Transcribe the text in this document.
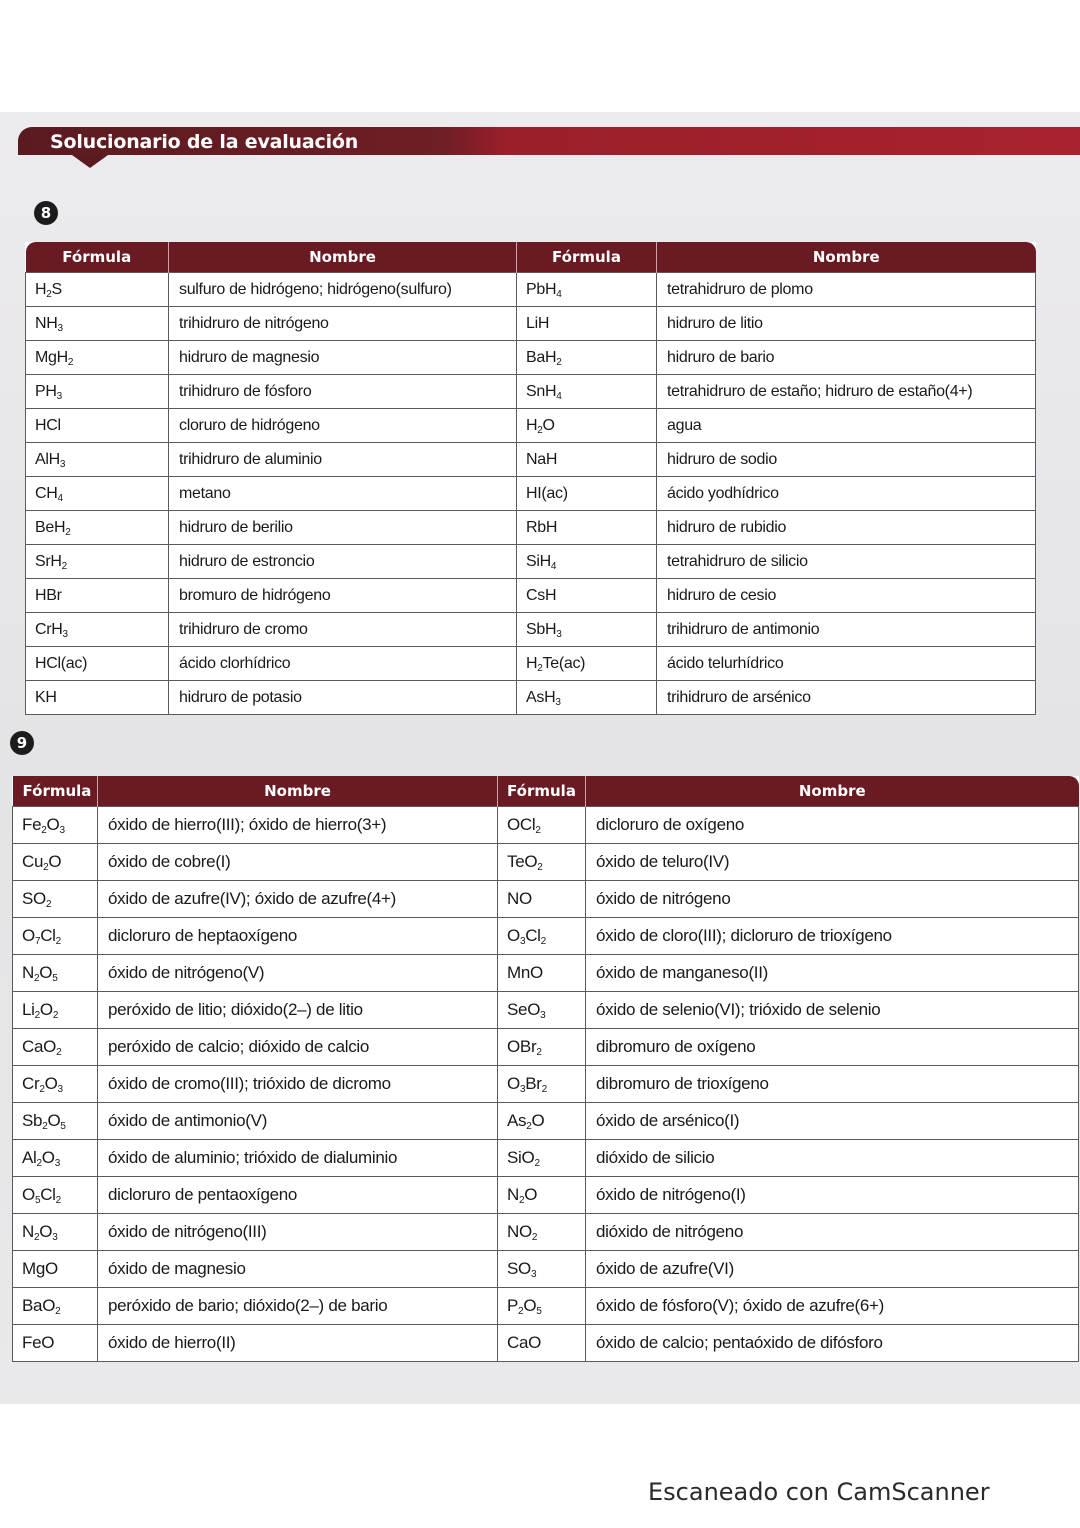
Solucionario de la evaluación
8
Fórmula	Nombre	Fórmula	Nombre
$H_2S$	sulfuro de hidrógeno; hidrógeno(sulfuro)	PbH$_4$	tetrahidruro de plomo
$NH_3$	trihidruro de nitrógeno	LiH	hidruro de litio
MgH$_2$	hidruro de magnesio	BaH$_2$	hidruro de bario
$PH_3$	trihidruro de fósforo	SnH$_4$	tetrahidruro de estaño; hidruro de estaño(4+)
HCl	cloruro de hidrógeno	$H_2O$	agua
AlH$_3$	trihidruro de aluminio	NaH	hidruro de sodio
$CH_4$	metano	HI(ac)	ácido yodhídrico
BeH$_2$	hidruro de berilio	RbH	hidruro de rubidio
SrH$_2$	hidruro de estroncio	SiH$_4$	tetrahidruro de silicio
HBr	bromuro de hidrógeno	CsH	hidruro de cesio
CrH$_3$	trihidruro de cromo	SbH$_3$	trihidruro de antimonio
HCl(ac)	ácido clorhídrico	$H_2Te(ac)$	ácido telurhídrico
KH	hidruro de potasio	AsH$_3$	trihidruro de arsénico
9
Fórmula	Nombre	Fórmula	Nombre
$Fe_2O_3$	óxido de hierro(III); óxido de hierro(3+)	OCl$_2$	dicloruro de oxígeno
$Cu_2O$	óxido de cobre(I)	TeO$_2$	óxido de teluro(IV)
$SO_2$	óxido de azufre(IV); óxido de azufre(4+)	NO	óxido de nitrógeno
$O_7Cl_2$	dicloruro de heptaoxígeno	$O_3Cl_2$	óxido de cloro(III); dicloruro de trioxígeno
$N_2O_5$	óxido de nitrógeno(V)	MnO	óxido de manganeso(II)
$Li_2O_2$	peróxido de litio; dióxido(2–) de litio	SeO$_3$	óxido de selenio(VI); trióxido de selenio
CaO$_2$	peróxido de calcio; dióxido de calcio	OBr$_2$	dibromuro de oxígeno
$Cr_2O_3$	óxido de cromo(III); trióxido de dicromo	$O_3Br_2$	dibromuro de trioxígeno
$Sb_2O_5$	óxido de antimonio(V)	$As_2O$	óxido de arsénico(I)
$Al_2O_3$	óxido de aluminio; trióxido de dialuminio	SiO$_2$	dióxido de silicio
$O_5Cl_2$	dicloruro de pentaoxígeno	$N_2O$	óxido de nitrógeno(I)
$N_2O_3$	óxido de nitrógeno(III)	$NO_2$	dióxido de nitrógeno
MgO	óxido de magnesio	$SO_3$	óxido de azufre(VI)
BaO$_2$	peróxido de bario; dióxido(2–) de bario	$P_2O_5$	óxido de fósforo(V); óxido de azufre(6+)
FeO	óxido de hierro(II)	CaO	óxido de calcio; pentaóxido de difósforo
Escaneado con CamScanner
